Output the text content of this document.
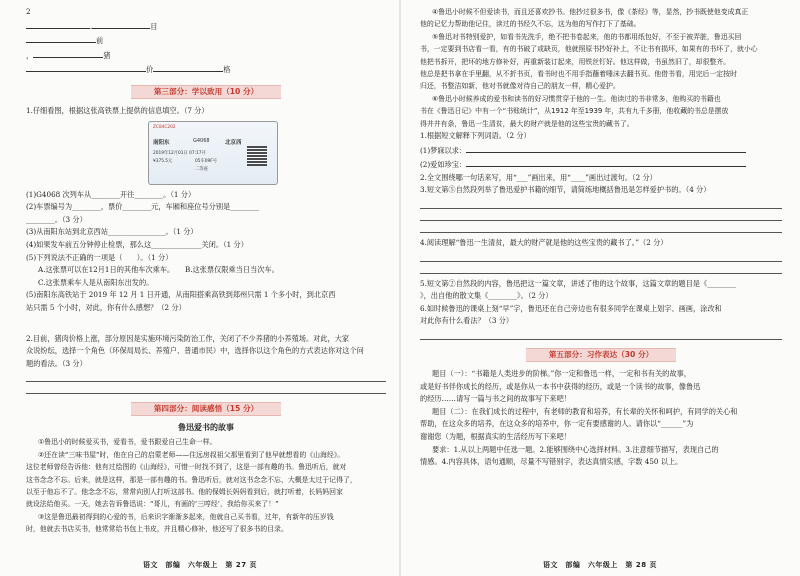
2

.	目

前

，	猪

价	格

第三部分：学以致用（10 分）

1.仔细看图，根据这张高铁票上提供的信息填空。（7 分）

ZC84C202
南阳东	G4068	北京西
2019年12月01日 07:17开
¥375.5元	05车09F号
二等座

(1)G4068 次列车从________开往________。（1 分）

(2)车票编号为________，票价________元，车厢和座位号分别是________

________。（3 分）

(3)从南阳东站到北京西站________________。（1 分）

(4)如果发车前五分钟停止检票，那么这______________关闭。（1 分）

(5)下列说法不正确的一项是（　　）。（1 分）

A.这张票可以在12月1日的其他车次乘车。　　B.这张票仅限乘当日当次车。

C.这张票乘车人是从南阳东出发的。

(5)南阳东高铁站于 2019 年 12 月 1 日开通，从南阳搭乘高铁到郑州只需 1 个多小时，到北京西

站只需 5 个小时，对此，你有什么感想？（2 分）

2.目前，猪肉价格上涨，部分原因是实施环境污染防治工作，关闭了不少养猪的小养殖场。对此，大家

众说纷纭，选择一个角色（环保局局长、养殖户、普通市民）中，选择你以这个角色的方式表达你对这个问

题的看法。（3 分）

第四部分：阅读感悟（15 分）
鲁迅爱书的故事

①鲁迅小的时候爱买书，爱看书，爱书跟爱自己生命一样。

②还在读“三味书屋”时，他在自己的启蒙老师——住远房叔祖父那里看到了他早就想看的《山海经》。

这位老师曾经告诉他：他有过绘图的《山海经》，可惜一时找不到了，这是一部有趣的书。鲁迅听后，就对

这书念念不忘。后来，就是这样，那是一部有趣的书。鲁迅听后，就对这书念念不忘，大概是太过于记得了，

以至于他忘不了。他念念不忘，常常向别人打听这部书。他的保姆长妈妈看到后，就打听着，长妈妈回家

就设法给他买。一天，她去告诉鲁迅说：“哥儿，有画的‘三哼经’，我给你买来了！”

③这是鲁迅最初得到的心爱的书，后来识字渐渐多起来，他就自己买书看，过年，有新年的压岁钱

时，他就去书店买书，他常常给书包上书皮，并且精心修补，他还写了很多书的目录。

语文　部编　六年级上　第 27 页

④鲁迅小时候不但爱读书，而且还喜欢抄书。他抄过很多书，像《茶经》等，显然，抄书既使他变成真正

他的记忆力帮助他记住，读过的书经久不忘，这为他的写作打下了基础。

⑤鲁迅对书特别爱护，如看书先洗手，绝不把书卷起来，他的书都用纸包好，不至于被弄脏，鲁迅买回

书，一定要到书店看一看，有的书破了或缺页，他就照原书抄好补上，不让书有损坏，如果有的书坏了，就小心

他把书拆开，把坏的地方修补好，再重新装订起来，用铁丝钉好。他这样做，书虽然旧了，却很整齐。

他总是把书拿在手里翻，从不折书页，看书时也不用手指蘸着唾沫去翻书页。他借书看，用完后一定按时

归还，书整洁如新，他对书就像对待自己的朋友一样，精心爱护。

⑥鲁迅小时候养成的爱书和读书的好习惯贯穿于他的一生。他读过的书非常多，他购买的书籍也

书在《鲁迅日记》中有一个“书账统计”，从1912 年至1939 年，共有九千多册，他收藏的书总是摆放

得井井有条，鲁迅一生清贫，最大的财产就是他的这些宝贵的藏书了。

1.根据短文解释下列词语。（2 分）

(1)梦寐以求：

(2)爱如珍宝：

2.全文围绕哪一句话来写，用“___”画出来，用“____”画出过渡句。（2 分）

3.短文第⑤自然段列举了鲁迅爱护书籍的细节，请简练地概括鲁迅是怎样爱护书的。（4 分）

4.阅读理解“鲁迅一生清贫，最大的财产就是他的这些宝贵的藏书了。”（2 分）

5.短文第②自然段的内容，鲁迅把这一篇文章，讲述了他的这个故事，这篇文章的题目是《________

》，出自他的散文集《________》。（2 分）

6.如时候鲁迅的课桌上刻“早”字，鲁迅还在自己旁边也有很多同学在课桌上划字、画画，涂改和

对此你有什么看法？（3 分）

第五部分：习作表达（30 分）

题目（一）：“书籍是人类进步的阶梯。”你一定和鲁迅一样，一定和书有关的故事，

或是好书伴你成长的经历，或是你从一本书中获得的经历，或是一个读书的故事，像鲁迅

的经历……请写一篇与书之间的故事写下来吧！

题目（二）：在我们成长的过程中，有老师的教育和培养，有长辈的关怀和呵护，有同学的关心和

帮助，在这众多的培养，在这众多的培养中，你一定有要感谢的人。请你以“______”为

谢谢您（为题，根据真实的生活经历写下来吧！

要求：1.从以上两题中任选一题。2.能够围绕中心选择材料。3.注意细节描写，表现自己的

情感。4.内容具体，语句通顺，尽量不写错别字，表达真情实感，字数 450 以上。

语文　部编　六年级上　第 28 页
